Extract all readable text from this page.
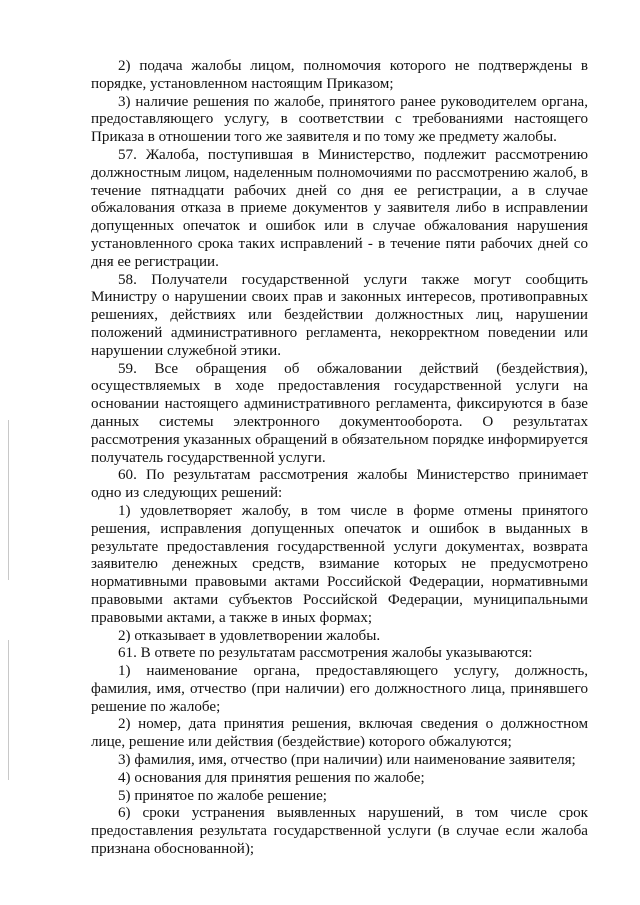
2) подача жалобы лицом, полномочия которого не подтверждены в порядке, установленном настоящим Приказом;

3) наличие решения по жалобе, принятого ранее руководителем органа, предоставляющего услугу, в соответствии с требованиями настоящего Приказа в отношении того же заявителя и по тому же предмету жалобы.

57. Жалоба, поступившая в Министерство, подлежит рассмотрению должностным лицом, наделенным полномочиями по рассмотрению жалоб, в течение пятнадцати рабочих дней со дня ее регистрации, а в случае обжалования отказа в приеме документов у заявителя либо в исправлении допущенных опечаток и ошибок или в случае обжалования нарушения установленного срока таких исправлений - в течение пяти рабочих дней со дня ее регистрации.

58. Получатели государственной услуги также могут сообщить Министру о нарушении своих прав и законных интересов, противоправных решениях, действиях или бездействии должностных лиц, нарушении положений административного регламента, некорректном поведении или нарушении служебной этики.

59. Все обращения об обжаловании действий (бездействия), осуществляемых в ходе предоставления государственной услуги на основании настоящего административного регламента, фиксируются в базе данных системы электронного документооборота. О результатах рассмотрения указанных обращений в обязательном порядке информируется получатель государственной услуги.

60. По результатам рассмотрения жалобы Министерство принимает одно из следующих решений:

1) удовлетворяет жалобу, в том числе в форме отмены принятого решения, исправления допущенных опечаток и ошибок в выданных в результате предоставления государственной услуги документах, возврата заявителю денежных средств, взимание которых не предусмотрено нормативными правовыми актами Российской Федерации, нормативными правовыми актами субъектов Российской Федерации, муниципальными правовыми актами, а также в иных формах;

2) отказывает в удовлетворении жалобы.

61. В ответе по результатам рассмотрения жалобы указываются:

1) наименование органа, предоставляющего услугу, должность, фамилия, имя, отчество (при наличии) его должностного лица, принявшего решение по жалобе;

2) номер, дата принятия решения, включая сведения о должностном лице, решение или действия (бездействие) которого обжалуются;

3) фамилия, имя, отчество (при наличии) или наименование заявителя;

4) основания для принятия решения по жалобе;

5) принятое по жалобе решение;

6) сроки устранения выявленных нарушений, в том числе срок предоставления результата государственной услуги (в случае если жалоба признана обоснованной);
